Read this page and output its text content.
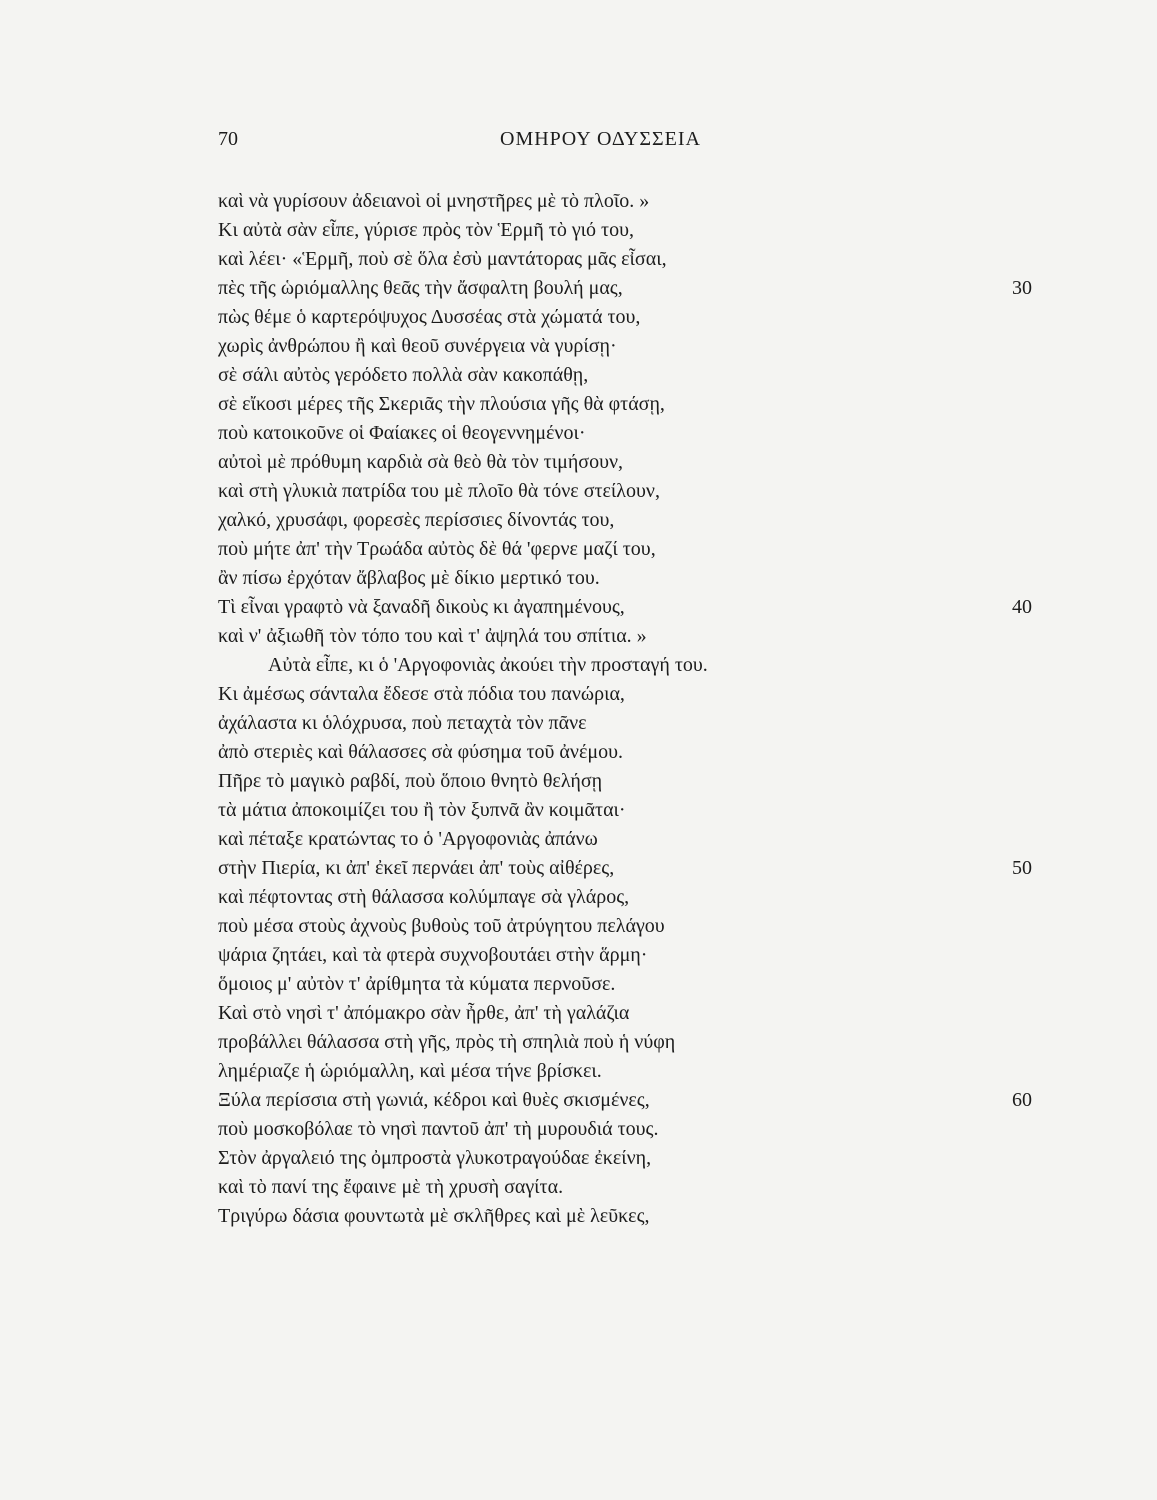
70	ΟΜΗΡΟΥ ΟΔΥΣΣΕΙΑ
καὶ νὰ γυρίσουν ἀδειανοὶ οἱ μνηστῆρες μὲ τὸ πλοῖο. »
Κι αὐτὰ σὰν εἶπε, γύρισε πρὸς τὸν Ἑρμῆ τὸ γιό του,
καὶ λέει· «Ἑρμῆ, ποὺ σὲ ὅλα ἐσὺ μαντάτορας μᾶς εἶσαι,
πὲς τῆς ὡριόμαλλης θεᾶς τὴν ἄσφαλτη βουλή μας,	30
πὼς θέμε ὁ καρτερόψυχος Δυσσέας στὰ χώματά του,
χωρὶς ἀνθρώπου ἢ καὶ θεοῦ συνέργεια νὰ γυρίσῃ·
σὲ σάλι αὐτὸς γερόδετο πολλὰ σὰν κακοπάθῃ,
σὲ εἴκοσι μέρες τῆς Σκεριᾶς τὴν πλούσια γῆς θὰ φτάσῃ,
ποὺ κατοικοῦνε οἱ Φαίακες οἱ θεογεννημένοι·
αὐτοὶ μὲ πρόθυμη καρδιὰ σὰ θεὸ θὰ τὸν τιμήσουν,
καὶ στὴ γλυκιὰ πατρίδα του μὲ πλοῖο θὰ τόνε στείλουν,
χαλκό, χρυσάφι, φορεσὲς περίσσιες δίνοντάς του,
ποὺ μήτε ἀπ' τὴν Τρωάδα αὐτὸς δὲ θά 'φερνε μαζί του,
ἂν πίσω ἐρχόταν ἄβλαβος μὲ δίκιο μερτικό του.
Τὶ εἶναι γραφτὸ νὰ ξαναδῆ δικοὺς κι ἀγαπημένους,	40
καὶ ν' ἀξιωθῆ τὸν τόπο του καὶ τ' ἀψηλά του σπίτια. »
Αὐτὰ εἶπε, κι ὁ 'Αργοφονιὰς ἀκούει τὴν προσταγή του.
Κι ἀμέσως σάνταλα ἔδεσε στὰ πόδια του πανώρια,
ἀχάλαστα κι ὁλόχρυσα, ποὺ πεταχτὰ τὸν πᾶνε
ἀπὸ στεριὲς καὶ θάλασσες σὰ φύσημα τοῦ ἀνέμου.
Πῆρε τὸ μαγικὸ ραβδί, ποὺ ὅποιο θνητὸ θελήσῃ
τὰ μάτια ἀποκοιμίζει του ἢ τὸν ξυπνᾶ ἂν κοιμᾶται·
καὶ πέταξε κρατώντας το ὁ 'Αργοφονιὰς ἀπάνω
στὴν Πιερία, κι ἀπ' ἐκεῖ περνάει ἀπ' τοὺς αἰθέρες,	50
καὶ πέφτοντας στὴ θάλασσα κολύμπαγε σὰ γλάρος,
ποὺ μέσα στοὺς ἀχνοὺς βυθοὺς τοῦ ἀτρύγητου πελάγου
ψάρια ζητάει, καὶ τὰ φτερὰ συχνοβουτάει στὴν ἅρμη·
ὅμοιος μ' αὐτὸν τ' ἀρίθμητα τὰ κύματα περνοῦσε.
Καὶ στὸ νησὶ τ' ἀπόμακρο σὰν ἦρθε, ἀπ' τὴ γαλάζια
προβάλλει θάλασσα στὴ γῆς, πρὸς τὴ σπηλιὰ ποὺ ἡ νύφη
λημέριαζε ἡ ὡριόμαλλη, καὶ μέσα τήνε βρίσκει.
Ξύλα περίσσια στὴ γωνιά, κέδροι καὶ θυὲς σκισμένες,	60
ποὺ μοσκοβόλαε τὸ νησὶ παντοῦ ἀπ' τὴ μυρουδιά τους.
Στὸν ἀργαλειό της ὀμπροστὰ γλυκοτραγούδαε ἐκείνη,
καὶ τὸ πανί της ἔφαινε μὲ τὴ χρυσὴ σαγίτα.
Τριγύρω δάσια φουντωτὰ μὲ σκλῆθρες καὶ μὲ λεῦκες,
